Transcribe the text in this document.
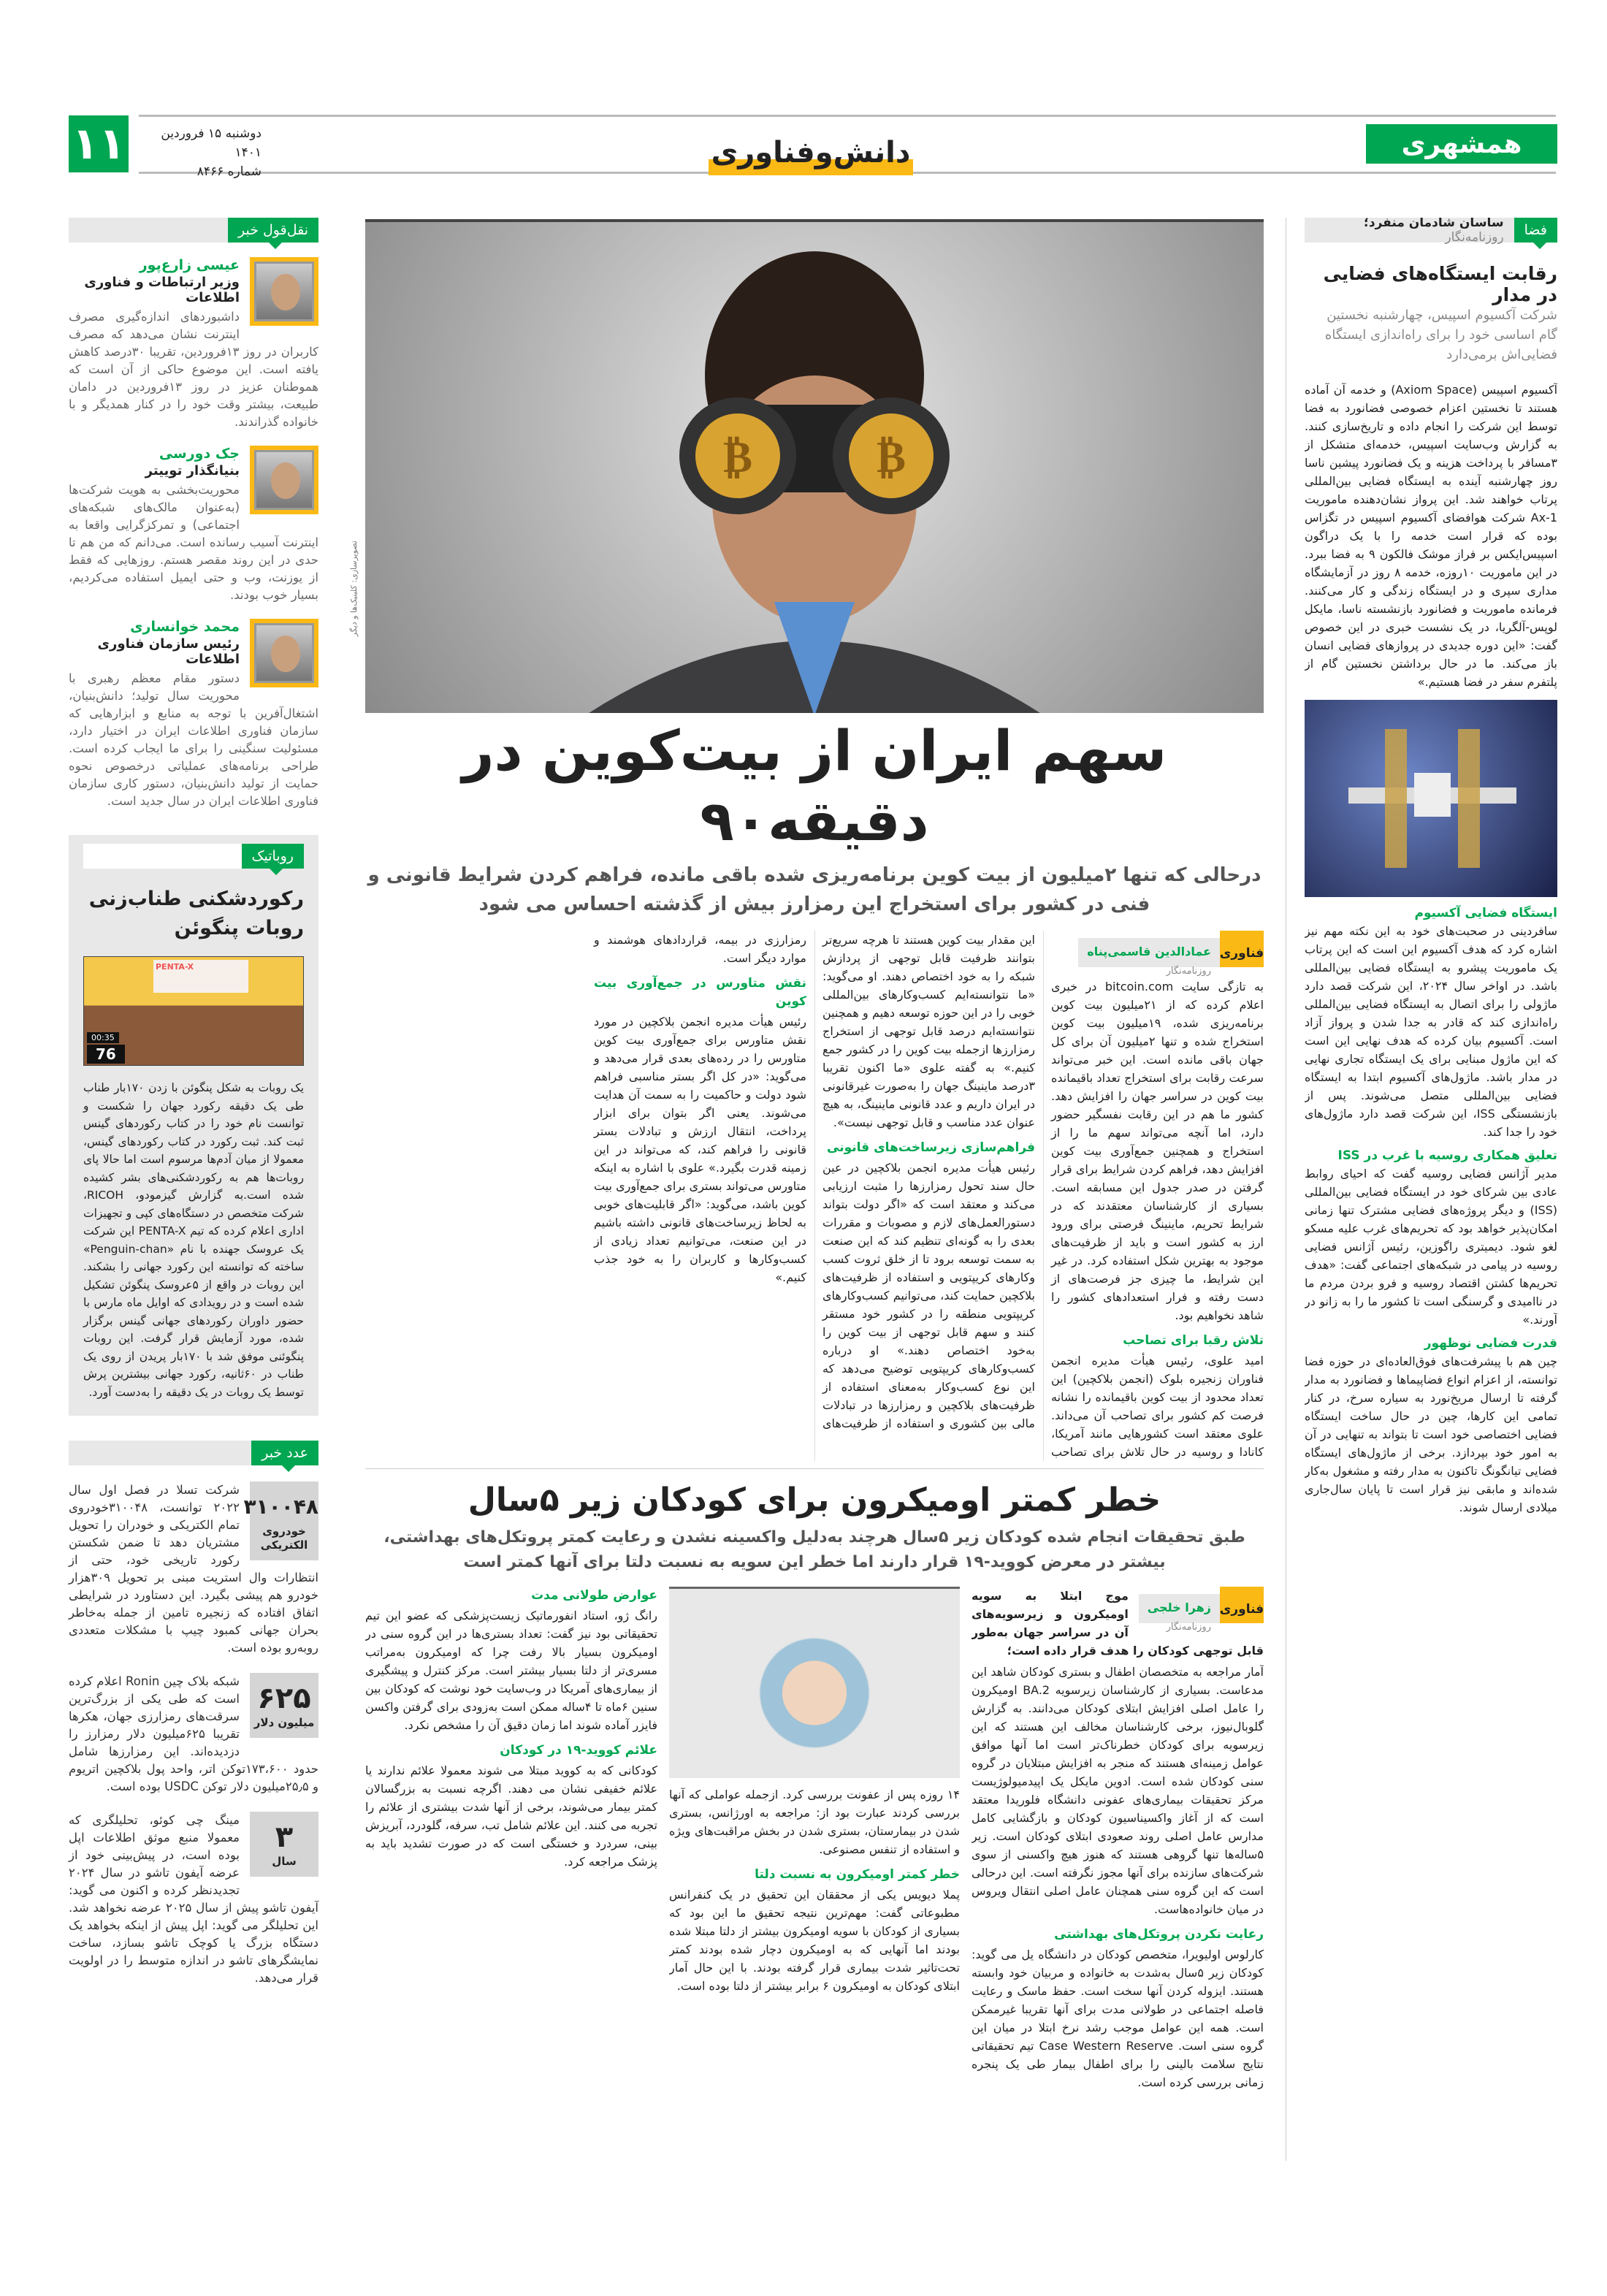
۱۱	دوشنبه ۱۵ فروردین ۱۴۰۱
شماره ۸۴۶۶
دانش‌وفناوری	همشهری
نقل‌قول خبر
عیسی زارع‌پور
وزیر ارتباطات و فناوری اطلاعات
داشبوردهای اندازه‌گیری مصرف اینترنت نشان می‌دهد که مصرف کاربران در روز ۱۳فروردین، تقریبا ۳۰درصد کاهش یافته است. این موضوع حاکی از آن است که هموطنان عزیز در روز ۱۳فروردین در دامان طبیعت، بیشتر وقت خود را در کنار همدیگر و با خانواده گذراندند.
جک دورسی
بنیانگذار توییتر
محوریت‌بخشی به هویت شرکت‌ها (به‌عنوان مالک‌های شبکه‌های اجتماعی) و تمرکزگرایی واقعا به اینترنت آسیب رسانده است. می‌دانم که من هم تا حدی در این روند مقصر هستم. روزهایی که فقط از یوزنت، وب و حتی ایمیل استفاده می‌کردیم، بسیار خوب بودند.
محمد خوانساری
رئیس سازمان فناوری اطلاعات
دستور مقام معظم رهبری با محوریت سال تولید؛ دانش‌بنیان، اشتغال‌آفرین با توجه به منابع و ابزارهایی که سازمان فناوری اطلاعات ایران در اختیار دارد، مسئولیت سنگینی را برای ما ایجاب کرده است. طراحی برنامه‌های عملیاتی درخصوص نحوه حمایت از تولید دانش‌بنیان، دستور کاری سازمان فناوری اطلاعات ایران در سال جدید است.
روباتیک
رکوردشکنی طناب‌زنی روبات پنگوئن
PENTA-X
00:35
76
یک روبات به شکل پنگوئن با زدن ۱۷۰بار طناب طی یک دقیقه رکورد جهان را شکست و توانست نام خود را در کتاب رکوردهای گینس ثبت کند. ثبت رکورد در کتاب رکوردهای گینس، معمولا از میان آدم‌ها مرسوم است اما حالا پای روبات‌ها هم به رکوردشکنی‌های بشر کشیده شده است.به گزارش گیزمودو، RICOH، شرکت متخصص در دستگاه‌های کپی و تجهیزات اداری اعلام کرده که تیم PENTA-X این شرکت یک عروسک جهنده با نام «Penguin-chan» ساخته که توانسته این رکورد جهانی را بشکند. این روبات در واقع از ۵عروسک پنگوئن تشکیل شده است و در رویدادی که اوایل ماه مارس با حضور داوران رکوردهای جهانی گینس برگزار شده، مورد آزمایش قرار گرفت. این روبات پنگوئنی موفق شد با ۱۷۰بار پریدن از روی یک طناب در ۶۰ثانیه، رکورد جهانی بیشترین پرش توسط یک روبات در یک دقیقه را به‌دست آورد.
عدد خبر
۳۱۰۰۴۸
خودروی الکتریکی
شرکت تسلا در فصل اول سال ۲۰۲۲ توانست، ۳۱۰۰۴۸خودروی تمام الکتریکی و خودران را تحویل مشتریان دهد تا ضمن شکستن رکورد تاریخی خود، حتی از انتظارات وال استریت مبنی بر تحویل ۳۰۹هزار خودرو هم پیشی بگیرد. این دستاورد در شرایطی اتفاق افتاده که زنجیره تامین از جمله به‌خاطر بحران جهانی کمبود چیپ با مشکلات متعددی روبه‌رو بوده است.
۶۲۵
میلیون دلار
شبکه بلاک چین Ronin اعلام کرده است که طی یکی از بزرگ‌ترین سرقت‌های رمزارزی جهان، هکرها تقریبا ۶۲۵میلیون دلار رمزارز را دزدیده‌اند. این رمزارزها شامل حدود ۱۷۳،۶۰۰توکن اتر، واحد پول بلاکچین اتریوم و ۲۵٫۵میلیون دلار توکن USDC بوده است.
۳
سال
مینگ چی کوئو، تحلیلگری که معمولا منبع موثق اطلاعات اپل بوده است، در پیش‌بینی خود از عرضه آیفون تاشو در سال ۲۰۲۴ تجدیدنظر کرده و اکنون می گوید: آیفون تاشو پیش از سال ۲۰۲۵ عرضه نخواهد شد. این تحلیلگر می گوید: اپل پیش از اینکه بخواهد یک دستگاه بزرگ یا کوچک تاشو بسازد، ساخت نمایشگرهای تاشو در اندازه متوسط را در اولویت قرار می‌دهد.
₿	₿
تصویرسازی: کلینیک‌ها و دیگر
سهم ایران از بیت‌کوین در دقیقه۹۰
درحالی که تنها ۲میلیون از بیت کوین برنامه‌ریزی شده باقی مانده، فراهم کردن شرایط قانونی و فنی در کشور برای استخراج این رمزارز بیش از گذشته احساس می شود
فناوری
عمادالدین قاسمی‌پناه
روزنامه‌نگار

به تازگی سایت bitcoin.com در خبری اعلام کرده که از ۲۱میلیون بیت کوین برنامه‌ریزی شده، ۱۹میلیون بیت کوین استخراج شده و تنها ۲میلیون آن برای کل جهان باقی مانده است. این خبر می‌تواند سرعت رقابت برای استخراج تعداد باقیمانده بیت کوین در سراسر جهان را افزایش دهد. کشور ما هم در این رقابت نفسگیر حضور دارد، اما آنچه می‌تواند سهم ما را از استخراج و همچنین جمع‌آوری بیت کوین افزایش دهد، فراهم کردن شرایط برای قرار گرفتن در صدر جدول این مسابقه است. بسیاری از کارشناسان معتقدند که در شرایط تحریم، ماینینگ فرصتی برای ورود ارز به کشور است و باید از ظرفیت‌های موجود به بهترین شکل استفاده کرد. در غیر این شرایط، ما چیزی جز فرصت‌های از دست رفته و فرار استعدادهای کشور را شاهد نخواهیم بود.

تلاش رقبا برای تصاحب

امید علوی، رئیس هیأت مدیره انجمن فناوران زنجیره بلوک (انجمن بلاکچین) این تعداد محدود از بیت کوین باقیمانده را نشانه فرصت کم کشور برای تصاحب آن می‌داند. علوی معتقد است کشورهایی مانند آمریکا، کانادا و روسیه در حال تلاش برای تصاحب این مقدار بیت کوین هستند تا هرچه سریع‌تر بتوانند ظرفیت قابل توجهی از پردازش شبکه را به خود اختصاص دهند. او می‌گوید: «ما نتوانسته‌ایم کسب‌وکارهای بین‌المللی خوبی را در این حوزه توسعه دهیم و همچنین نتوانسته‌ایم درصد قابل توجهی از استخراج رمزارزها ازجمله بیت کوین را در کشور جمع کنیم.» به گفته علوی «ما اکنون تقریبا ۳درصد ماینینگ جهان را به‌صورت غیرقانونی در ایران داریم و عدد قانونی ماینینگ، به هیچ عنوان عدد مناسب و قابل توجهی نیست».

فراهم‌سازی زیرساخت‌های قانونی

رئیس هیأت مدیره انجمن بلاکچین در عین حال سند تحول رمزارزها را مثبت ارزیابی می‌کند و معتقد است که «اگر دولت بتواند دستورالعمل‌های لازم و مصوبات و مقررات بعدی را به گونه‌ای تنظیم کند که این صنعت به سمت توسعه برود تا از خلق ثروت کسب وکارهای کریپتویی و استفاده از ظرفیت‌های بلاکچین حمایت کند، می‌توانیم کسب‌وکارهای کریپتویی منطقه را در کشور خود مستقر کنند و سهم قابل توجهی از بیت کوین را به‌خود اختصاص دهند.» او درباره کسب‌وکارهای کریپتویی توضیح می‌دهد که این نوع کسب‌وکار به‌معنای استفاده از ظرفیت‌های بلاکچین و رمزارزها در تبادلات مالی بین کشوری و استفاده از ظرفیت‌های رمزارزی در بیمه، قراردادهای هوشمند و موارد دیگر است.

نقش متاورس در جمع‌آوری بیت کوین

رئیس هیأت مدیره انجمن بلاکچین در مورد نقش متاورس برای جمع‌آوری بیت کوین متاورس را در رده‌های بعدی قرار می‌دهد و می‌گوید: «در کل اگر بستر مناسبی فراهم شود دولت و حاکمیت را به سمت آن هدایت می‌شوند. یعنی اگر بتوان برای ابزار پرداخت، انتقال ارزش و تبادلات بستر قانونی را فراهم کند، که می‌تواند در این زمینه قدرت بگیرد.» علوی با اشاره به اینکه متاورس می‌تواند بستری برای جمع‌آوری بیت کوین باشد، می‌گوید: «اگر قابلیت‌های خوبی به لحاظ زیرساخت‌های قانونی داشته باشیم در این صنعت، می‌توانیم تعداد زیادی از کسب‌وکارها و کاربران را به خود جذب کنیم.»

خطر کمتر اومیکرون برای کودکان زیر ۵سال
طبق تحقیقات انجام شده کودکان زیر ۵سال هرچند به‌دلیل واکسینه نشدن و رعایت کمتر پروتکل‌های بهداشتی، بیشتر در معرض کووید-۱۹ قرار دارند اما خطر این سویه به نسبت دلتا برای آنها کمتر است
فناوری
زهرا خلجی
روزنامه‌نگار

موج ابتلا به سویه اومیکرون و زیرسویه‌های آن در سراسر جهان به‌طور قابل توجهی کودکان را هدف قرار داده است؛

آمار مراجعه به متخصصان اطفال و بستری کودکان شاهد این مدعاست. بسیاری از کارشناسان زیرسویه BA.2 اومیکرون را عامل اصلی افزایش ابتلای کودکان می‌دانند. به گزارش گلوبال‌نیوز، برخی کارشناسان مخالف این هستند که این زیرسویه برای کودکان خطرناک‌تر است اما آنها موافق عوامل زمینه‌ای هستند که منجر به افزایش مبتلایان در گروه سنی کودکان شده است. ادوین مایکل یک اپیدمیولوژیست مرکز تحقیقات بیماری‌های عفونی دانشگاه فلوریدا معتقد است که از آغاز واکسیناسیون کودکان و بازگشایی کامل مدارس عامل اصلی روند صعودی ابتلای کودکان است. زیر ۵ساله‌ها تنها گروهی هستند که هنوز هیچ واکسنی از سوی شرکت‌های سازنده برای آنها مجوز نگرفته است. این درحالی است که این گروه سنی همچنان عامل اصلی انتقال ویروس در میان خانواده‌هاست.

رعایت نکردن پروتکل‌های بهداشتی

کارلوس اولیویرا، متخصص کودکان در دانشگاه یل می گوید: کودکان زیر ۵سال به‌شدت به خانواده و مربیان خود وابسته هستند. ایزوله کردن آنها سخت است. حفظ ماسک و رعایت فاصله اجتماعی در طولانی مدت برای آنها تقریبا غیرممکن است. همه این عوامل موجب رشد نرخ ابتلا در میان این گروه سنی است. Case Western Reserve تیم تحقیقاتی نتایج سلامت بالینی را برای اطفال بیمار طی یک پنجره زمانی بررسی کرده است.

۱۴ روزه پس از عفونت بررسی کرد. ازجمله عواملی که آنها بررسی کردند عبارت بود از: مراجعه به اورژانس، بستری شدن در بیمارستان، بستری شدن در بخش مراقبت‌های ویژه و استفاده از تنفس مصنوعی.

خطر کمتر اومیکرون به نسبت دلتا

پملا دیویس یکی از محققان این تحقیق در یک کنفرانس مطبوعاتی گفت: مهم‌ترین نتیجه تحقیق ما این بود که بسیاری از کودکان با سویه اومیکرون بیشتر از دلتا مبتلا شده بودند اما آنهایی که به اومیکرون دچار شده بودند کمتر تحت‌تاثیر شدت بیماری قرار گرفته بودند. با این حال آمار ابتلای کودکان به اومیکرون ۶ برابر بیشتر از دلتا بوده است.

عوارض طولانی مدت

رانگ ژو، استاد انفورماتیک زیست‌پزشکی که عضو این تیم تحقیقاتی بود نیز گفت: تعداد بستری‌ها در این گروه سنی در اومیکرون بسیار بالا رفت چرا که اومیکرون به‌مراتب مسری‌تر از دلتا بسیار بیشتر است. مرکز کنترل و پیشگیری از بیماری‌های آمریکا در وب‌سایت خود نوشت که کودکان بین سنین ۶ماه تا ۴ساله ممکن است به‌زودی برای گرفتن واکسن فایزر آماده شوند اما زمان دقیق آن را مشخص نکرد.

علائم کووید-۱۹ در کودکان

کودکانی که به کووید مبتلا می شوند معمولا علائم ندارند یا علائم خفیفی نشان می دهند. اگرچه نسبت به بزرگسالان کمتر بیمار می‌شوند، برخی از آنها شدت بیشتری از علائم را تجربه می کنند. این علائم شامل تب، سرفه، گلودرد، آبریزش بینی، سردرد و خستگی است که در صورت تشدید باید به پزشک مراجعه کرد.

فضا
ساسان شادمان منفرد؛ روزنامه‌نگار
رقابت ایستگاه‌های فضایی در مدار
شرکت آکسیوم اسپیس، چهارشنبه نخستین گام اساسی خود را برای راه‌اندازی ایستگاه فضایی‌اش برمی‌دارد

آکسیوم اسپیس (Axiom Space) و خدمه آن آماده هستند تا نخستین اعزام خصوصی فضانورد به فضا توسط این شرکت را انجام داده و تاریخ‌سازی کنند. به گزارش وب‌سایت اسپیس، خدمه‌ای متشکل از ۳مسافر با پرداخت هزینه و یک فضانورد پیشین ناسا روز چهارشنبه آینده به ایستگاه فضایی بین‌المللی پرتاب خواهند شد. این پرواز نشان‌دهنده ماموریت Ax-1 شرکت هوافضای آکسیوم اسپیس در تگزاس بوده که قرار است خدمه را با یک دراگون اسپیس‌ایکس بر فراز موشک فالکون ۹ به فضا ببرد. در این ماموریت ۱۰روزه، خدمه ۸ روز در آزمایشگاه مداری سپری و در ایستگاه زندگی و کار می‌کنند. فرمانده ماموریت و فضانورد بازنشسته ناسا، مایکل لوپس-آلگریا، در یک نشست خبری در این خصوص گفت: «این دوره جدیدی در پروازهای فضایی انسان باز می‌کند. ما در حال برداشتن نخستین گام از پلتفرم سفر در فضا هستیم.»

ایستگاه فضایی آکسیوم

سافردینی در صحبت‌های خود به این نکته مهم نیز اشاره کرد که هدف آکسیوم این است که این پرتاب یک ماموریت پیشرو به ایستگاه فضایی بین‌المللی باشد. در اواخر سال ۲۰۲۴، این شرکت قصد دارد ماژولی را برای اتصال به ایستگاه فضایی بین‌المللی راه‌اندازی کند که قادر به جدا شدن و پرواز آزاد است. آکسیوم بیان کرده که هدف نهایی این است که این ماژول مبنایی برای یک ایستگاه تجاری نهایی در مدار باشد. ماژول‌های آکسیوم ابتدا به ایستگاه فضایی بین‌المللی متصل می‌شوند. پس از بازنشستگی ISS، این شرکت قصد دارد ماژول‌های خود را جدا کند.

تعلیق همکاری روسیه با غرب در ISS

مدیر آژانس فضایی روسیه گفت که احیای روابط عادی بین شرکای خود در ایستگاه فضایی بین‌المللی (ISS) و دیگر پروژه‌های فضایی مشترک تنها زمانی امکان‌پذیر خواهد بود که تحریم‌های غرب علیه مسکو لغو شود. دیمیتری راگوزین، رئیس آژانس فضایی روسیه در پیامی در شبکه‌های اجتماعی گفت: «هدف تحریم‌ها کشتن اقتصاد روسیه و فرو بردن مردم ما در ناامیدی و گرسنگی است تا کشور ما را به زانو در آورند.»

قدرت فضایی نوظهور

چین هم با پیشرفت‌های فوق‌العاده‌ای در حوزه فضا توانسته، از اعزام انواع فضاپیماها و فضانورد به مدار گرفته تا ارسال مریخ‌نورد به سیاره سرخ، در کنار تمامی این کارها، چین در حال ساخت ایستگاه فضایی اختصاصی خود است تا بتواند به تنهایی در آن به امور خود بپردازد. برخی از ماژول‌های ایستگاه فضایی تیانگونگ تاکنون به مدار رفته و مشغول به‌کار شده‌اند و مابقی نیز قرار است تا پایان سال‌جاری میلادی ارسال شوند.
